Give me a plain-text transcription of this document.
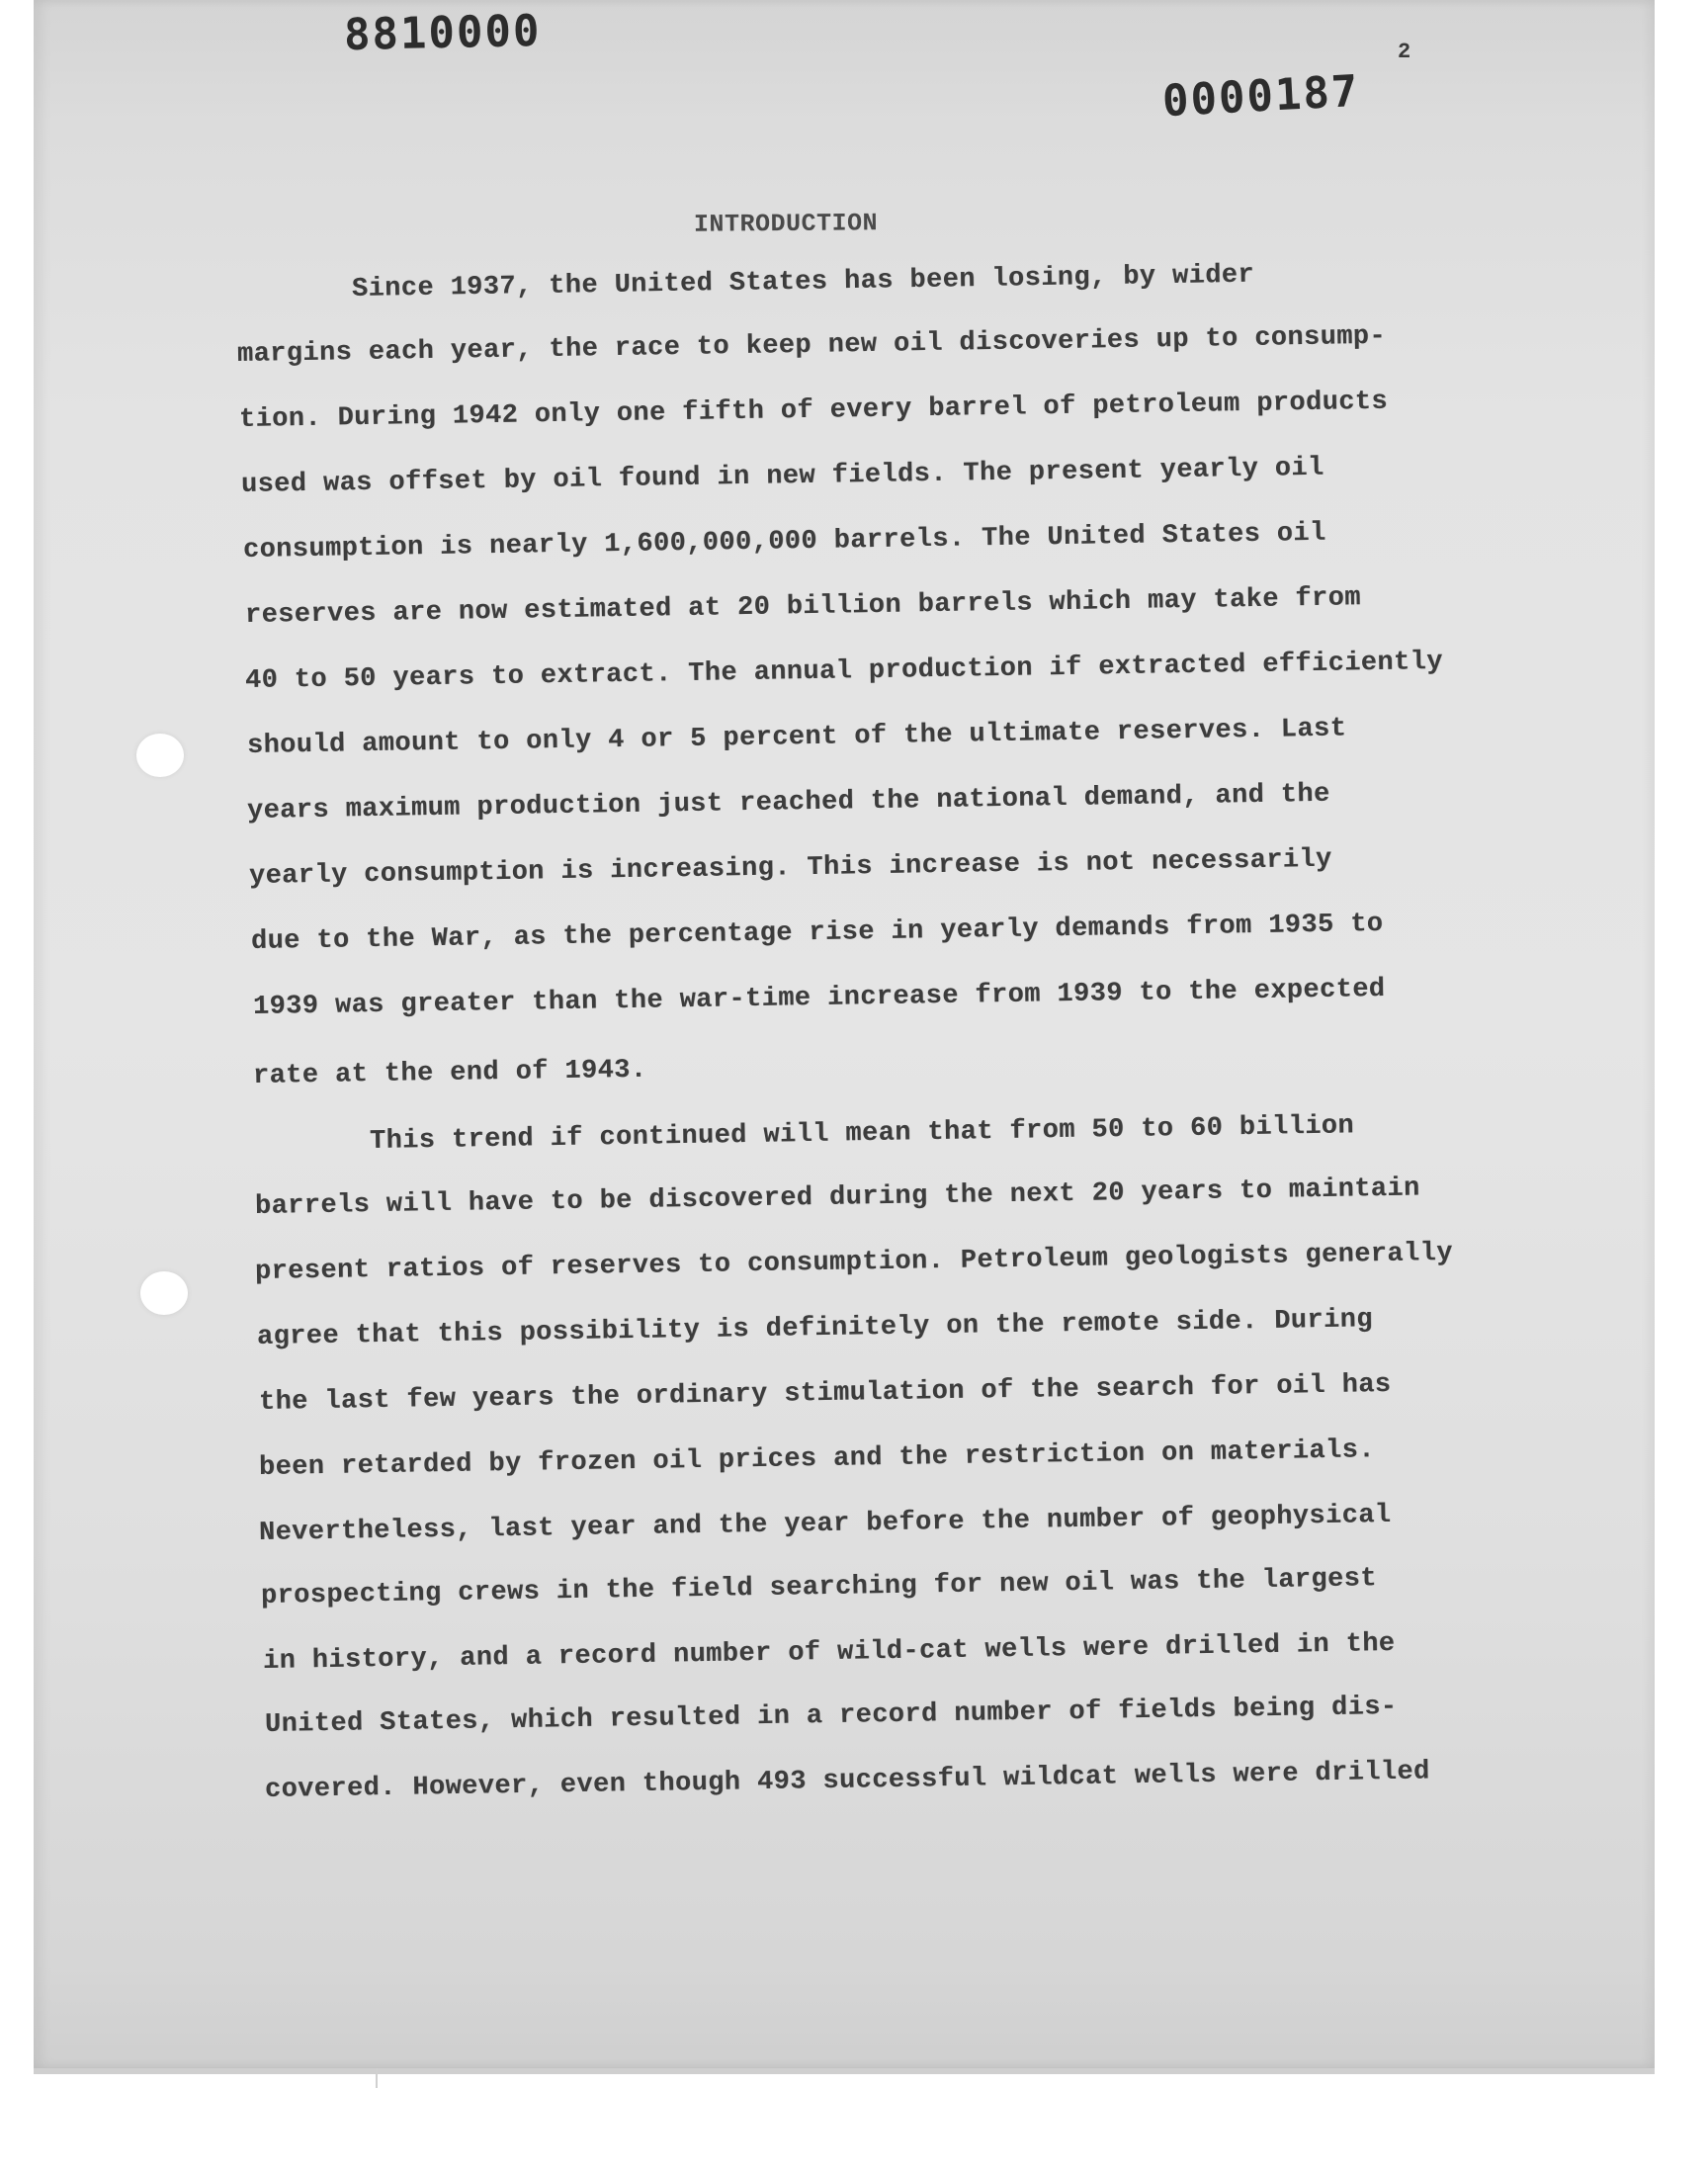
8810000
0000187
2
INTRODUCTION
Since 1937, the United States has been losing, by wider
margins each year, the race to keep new oil discoveries up to consump-
tion. During 1942 only one fifth of every barrel of petroleum products
used was offset by oil found in new fields. The present yearly oil
consumption is nearly 1,600,000,000 barrels. The United States oil
reserves are now estimated at 20 billion barrels which may take from
40 to 50 years to extract. The annual production if extracted efficiently
should amount to only 4 or 5 percent of the ultimate reserves. Last
years maximum production just reached the national demand, and the
yearly consumption is increasing. This increase is not necessarily
due to the War, as the percentage rise in yearly demands from 1935 to
1939 was greater than the war-time increase from 1939 to the expected
rate at the end of 1943.
This trend if continued will mean that from 50 to 60 billion
barrels will have to be discovered during the next 20 years to maintain
present ratios of reserves to consumption. Petroleum geologists generally
agree that this possibility is definitely on the remote side. During
the last few years the ordinary stimulation of the search for oil has
been retarded by frozen oil prices and the restriction on materials.
Nevertheless, last year and the year before the number of geophysical
prospecting crews in the field searching for new oil was the largest
in history, and a record number of wild-cat wells were drilled in the
United States, which resulted in a record number of fields being dis-
covered. However, even though 493 successful wildcat wells were drilled
